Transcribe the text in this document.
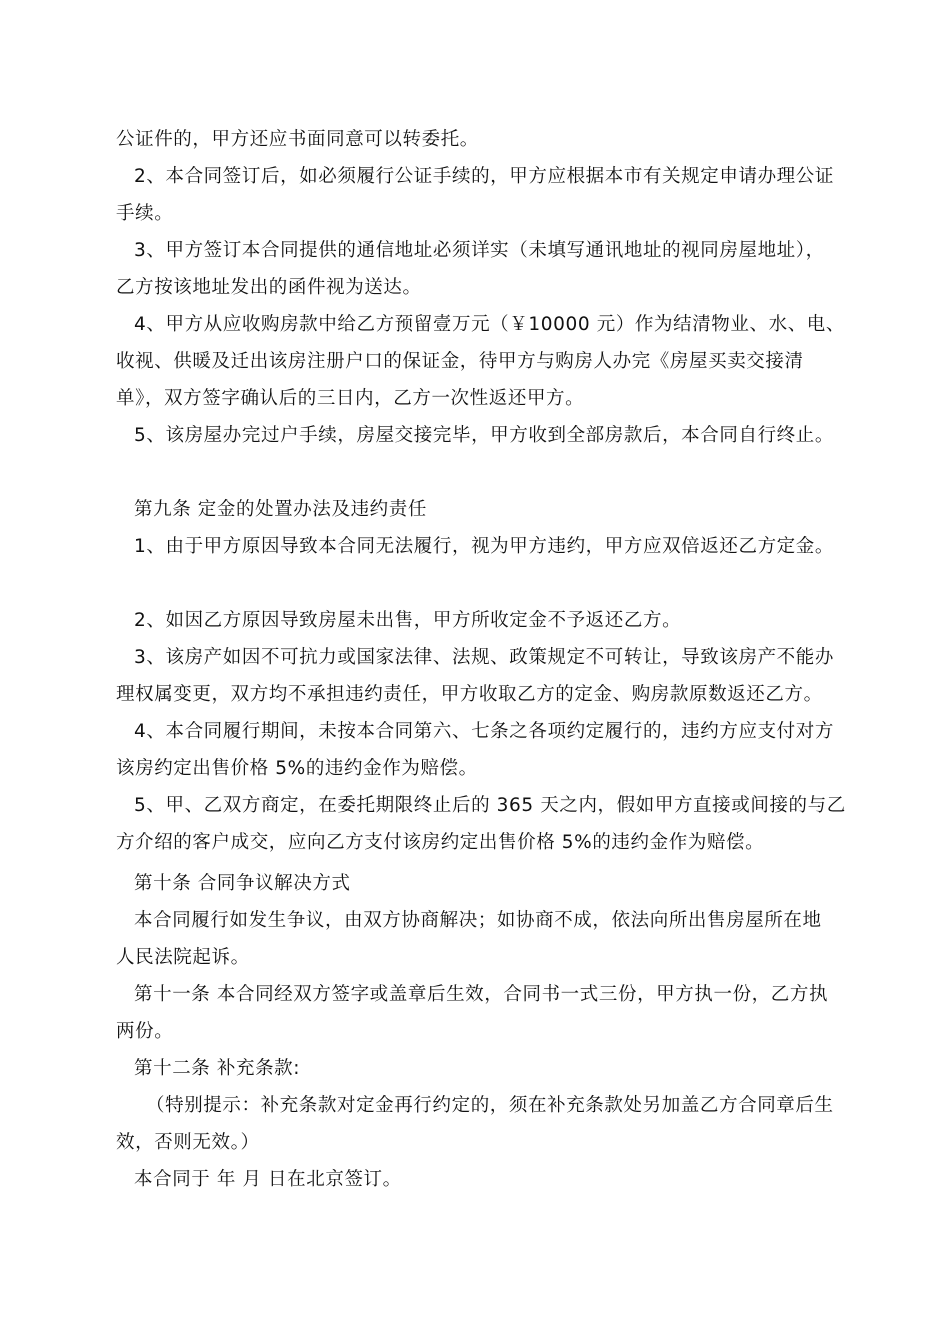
公证件的，甲方还应书面同意可以转委托。
2、本合同签订后，如必须履行公证手续的，甲方应根据本市有关规定申请办理公证
手续。
3、甲方签订本合同提供的通信地址必须详实（未填写通讯地址的视同房屋地址），
乙方按该地址发出的函件视为送达。
4、甲方从应收购房款中给乙方预留壹万元（￥10000 元）作为结清物业、水、电、
收视、供暖及迁出该房注册户口的保证金，待甲方与购房人办完《房屋买卖交接清
单》，双方签字确认后的三日内，乙方一次性返还甲方。
5、该房屋办完过户手续，房屋交接完毕，甲方收到全部房款后，本合同自行终止。
第九条 定金的处置办法及违约责任
1、由于甲方原因导致本合同无法履行，视为甲方违约，甲方应双倍返还乙方定金。
2、如因乙方原因导致房屋未出售，甲方所收定金不予返还乙方。
3、该房产如因不可抗力或国家法律、法规、政策规定不可转让，导致该房产不能办
理权属变更，双方均不承担违约责任，甲方收取乙方的定金、购房款原数返还乙方。
4、本合同履行期间，未按本合同第六、七条之各项约定履行的，违约方应支付对方
该房约定出售价格 5%的违约金作为赔偿。
5、甲、乙双方商定，在委托期限终止后的 365 天之内，假如甲方直接或间接的与乙
方介绍的客户成交，应向乙方支付该房约定出售价格 5%的违约金作为赔偿。
第十条 合同争议解决方式
本合同履行如发生争议，由双方协商解决；如协商不成，依法向所出售房屋所在地
人民法院起诉。
第十一条 本合同经双方签字或盖章后生效，合同书一式三份，甲方执一份，乙方执
两份。
第十二条 补充条款:
（特别提示：补充条款对定金再行约定的，须在补充条款处另加盖乙方合同章后生
效，否则无效。）
本合同于 年 月 日在北京签订。
